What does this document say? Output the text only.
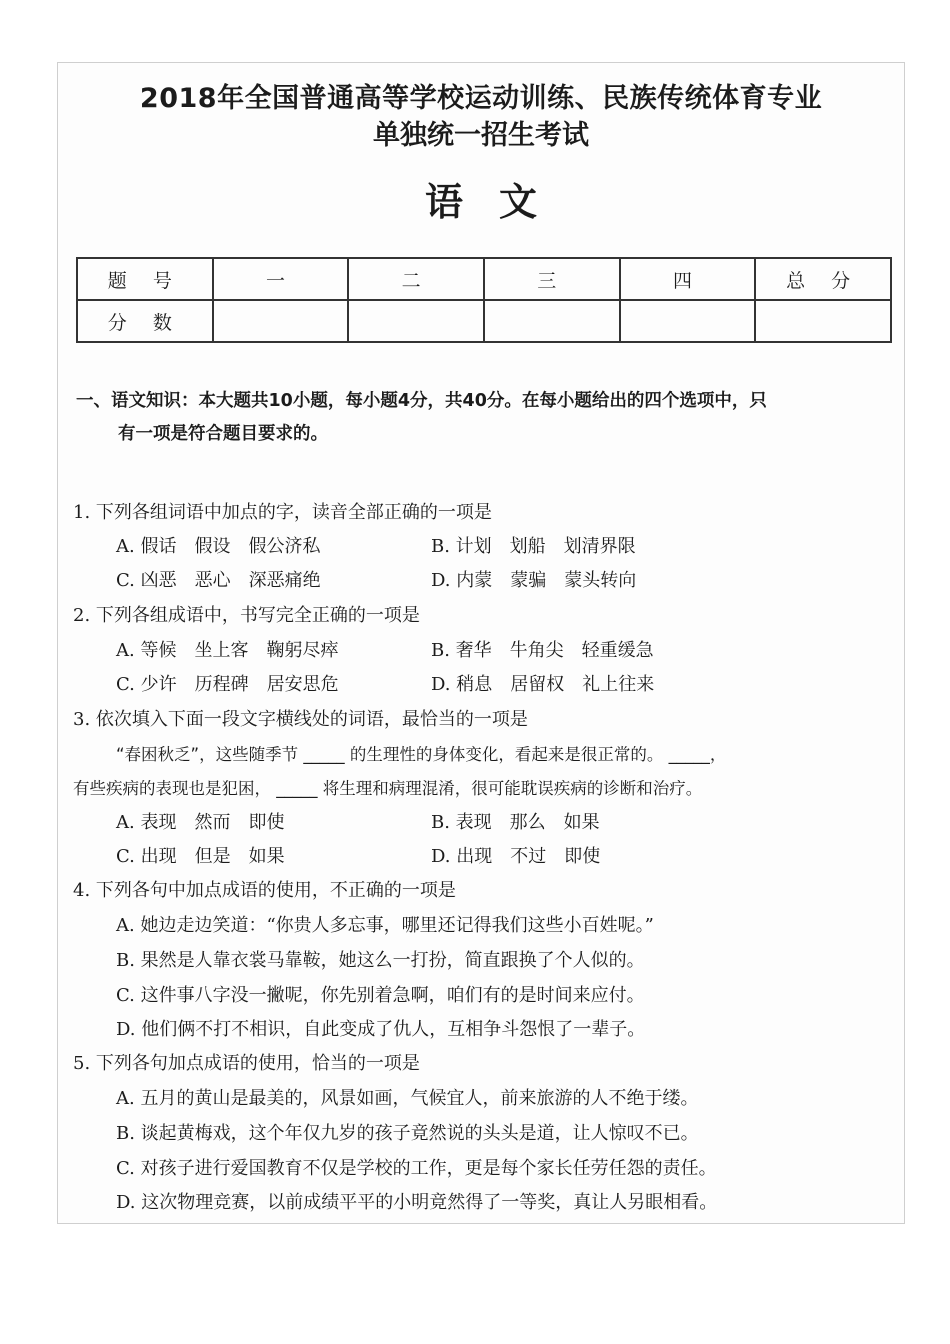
2018年全国普通高等学校运动训练、民族传统体育专业
单独统一招生考试
语文
题 号	一	二	三	四	总 分
分 数					
一、语文知识：本大题共10小题，每小题4分，共40分。在每小题给出的四个选项中，只
有一项是符合题目要求的。
1. 下列各组词语中加点的字，读音全部正确的一项是
A. 假话　假设　假公济私	B. 计划　划船　划清界限
C. 凶恶　恶心　深恶痛绝	D. 内蒙　蒙骗　蒙头转向
2. 下列各组成语中，书写完全正确的一项是
A. 等候　坐上客　鞠躬尽瘁	B. 奢华　牛角尖　轻重缓急
C. 少许　历程碑　居安思危	D. 稍息　居留权　礼上往来
3. 依次填入下面一段文字横线处的词语，最恰当的一项是
“春困秋乏”，这些随季节 _____ 的生理性的身体变化，看起来是很正常的。 _____，
有些疾病的表现也是犯困， _____ 将生理和病理混淆，很可能耽误疾病的诊断和治疗。
A. 表现　然而　即使	B. 表现　那么　如果
C. 出现　但是　如果	D. 出现　不过　即使
4. 下列各句中加点成语的使用，不正确的一项是
A. 她边走边笑道：“你贵人多忘事，哪里还记得我们这些小百姓呢。”
B. 果然是人靠衣裳马靠鞍，她这么一打扮，简直跟换了个人似的。
C. 这件事八字没一撇呢，你先别着急啊，咱们有的是时间来应付。
D. 他们俩不打不相识，自此变成了仇人，互相争斗怨恨了一辈子。
5. 下列各句加点成语的使用，恰当的一项是
A. 五月的黄山是最美的，风景如画，气候宜人，前来旅游的人不绝于缕。
B. 谈起黄梅戏，这个年仅九岁的孩子竟然说的头头是道，让人惊叹不已。
C. 对孩子进行爱国教育不仅是学校的工作，更是每个家长任劳任怨的责任。
D. 这次物理竞赛，以前成绩平平的小明竟然得了一等奖，真让人另眼相看。
